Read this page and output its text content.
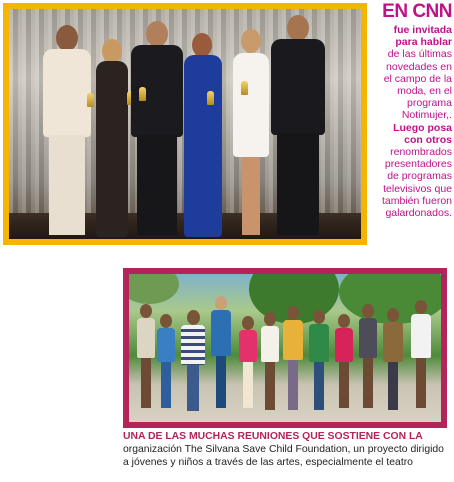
EN CNN
fue invitada
para hablar
de las últimas
novedades en
el campo de la
moda, en el
programa
Notimujer,.
Luego posa
con otros
renombrados
presentadores
de programas
televisivos que
también fueron
galardonados.
UNA DE LAS MUCHAS REUNIONES QUE SOSTIENE CON LA organización The Silvana Save Child Foundation, un proyecto dirigido a jóvenes y niños a través de las artes, especialmente el teatro
